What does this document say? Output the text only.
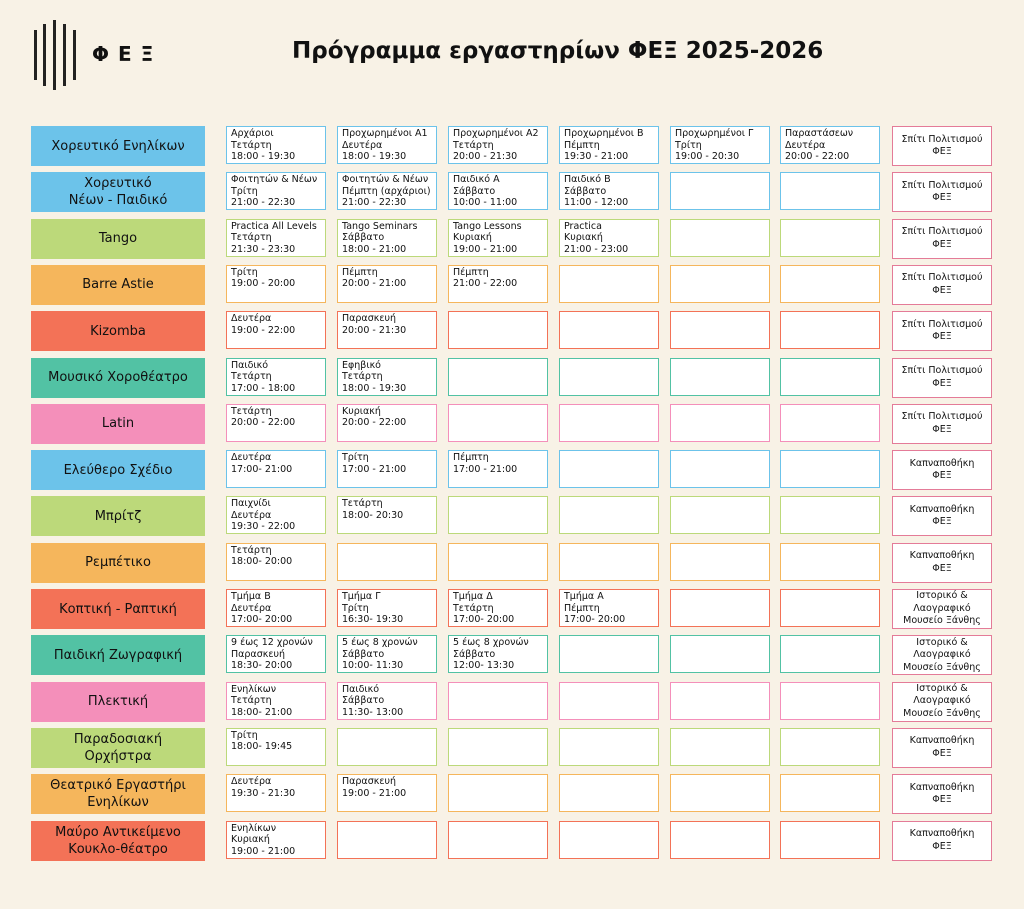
ΦΕΞ	Πρόγραμμα εργαστηρίων ΦΕΞ 2025-2026
Χορευτικό Ενηλίκων
Αρχάριοι
Τετάρτη
18:00 - 19:30
Προχωρημένοι Α1
Δευτέρα
18:00 - 19:30
Προχωρημένοι Α2
Τετάρτη
20:00 - 21:30
Προχωρημένοι Β
Πέμπτη
19:30 - 21:00
Προχωρημένοι Γ
Τρίτη
19:00 - 20:30
Παραστάσεων
Δευτέρα
20:00 - 22:00
Σπίτι Πολιτισμού
ΦΕΞ
Χορευτικό
Νέων - Παιδικό
Φοιτητών & Νέων
Τρίτη
21:00 - 22:30
Φοιτητών & Νέων
Πέμπτη (αρχάριοι)
21:00 - 22:30
Παιδικό Α
Σάββατο
10:00 - 11:00
Παιδικό Β
Σάββατο
11:00 - 12:00
Σπίτι Πολιτισμού
ΦΕΞ
Tango
Practica All Levels
Τετάρτη
21:30 - 23:30
Tango Seminars
Σάββατο
18:00 - 21:00
Tango Lessons
Κυριακή
19:00 - 21:00
Practica
Κυριακή
21:00 - 23:00
Σπίτι Πολιτισμού
ΦΕΞ
Barre Astie
Τρίτη
19:00 - 20:00
Πέμπτη
20:00 - 21:00
Πέμπτη
21:00 - 22:00
Σπίτι Πολιτισμού
ΦΕΞ
Kizomba
Δευτέρα
19:00 - 22:00
Παρασκευή
20:00 - 21:30
Σπίτι Πολιτισμού
ΦΕΞ
Μουσικό Χοροθέατρο
Παιδικό
Τετάρτη
17:00 - 18:00
Εφηβικό
Τετάρτη
18:00 - 19:30
Σπίτι Πολιτισμού
ΦΕΞ
Latin
Τετάρτη
20:00 - 22:00
Κυριακή
20:00 - 22:00
Σπίτι Πολιτισμού
ΦΕΞ
Ελεύθερο Σχέδιο
Δευτέρα
17:00- 21:00
Τρίτη
17:00 - 21:00
Πέμπτη
17:00 - 21:00
Καπναποθήκη
ΦΕΞ
Μπρίτζ
Παιχνίδι
Δευτέρα
19:30 - 22:00
Τετάρτη
18:00- 20:30
Καπναποθήκη
ΦΕΞ
Ρεμπέτικο
Τετάρτη
18:00- 20:00
Καπναποθήκη
ΦΕΞ
Κοπτική - Ραπτική
Τμήμα Β
Δευτέρα
17:00- 20:00
Τμήμα Γ
Τρίτη
16:30- 19:30
Τμήμα Δ
Τετάρτη
17:00- 20:00
Τμήμα Α
Πέμπτη
17:00- 20:00
Ιστορικό &
Λαογραφικό
Μουσείο Ξάνθης
Παιδική Ζωγραφική
9 έως 12 χρονών
Παρασκευή
18:30- 20:00
5 έως 8 χρονών
Σάββατο
10:00- 11:30
5 έως 8 χρονών
Σάββατο
12:00- 13:30
Ιστορικό &
Λαογραφικό
Μουσείο Ξάνθης
Πλεκτική
Ενηλίκων
Τετάρτη
18:00- 21:00
Παιδικό
Σάββατο
11:30- 13:00
Ιστορικό &
Λαογραφικό
Μουσείο Ξάνθης
Παραδοσιακή
Ορχήστρα
Τρίτη
18:00- 19:45
Καπναποθήκη
ΦΕΞ
Θεατρικό Εργαστήρι
Ενηλίκων
Δευτέρα
19:30 - 21:30
Παρασκευή
19:00 - 21:00
Καπναποθήκη
ΦΕΞ
Μαύρο Αντικείμενο
Κουκλο-θέατρο
Ενηλίκων
Κυριακή
19:00 - 21:00
Καπναποθήκη
ΦΕΞ
